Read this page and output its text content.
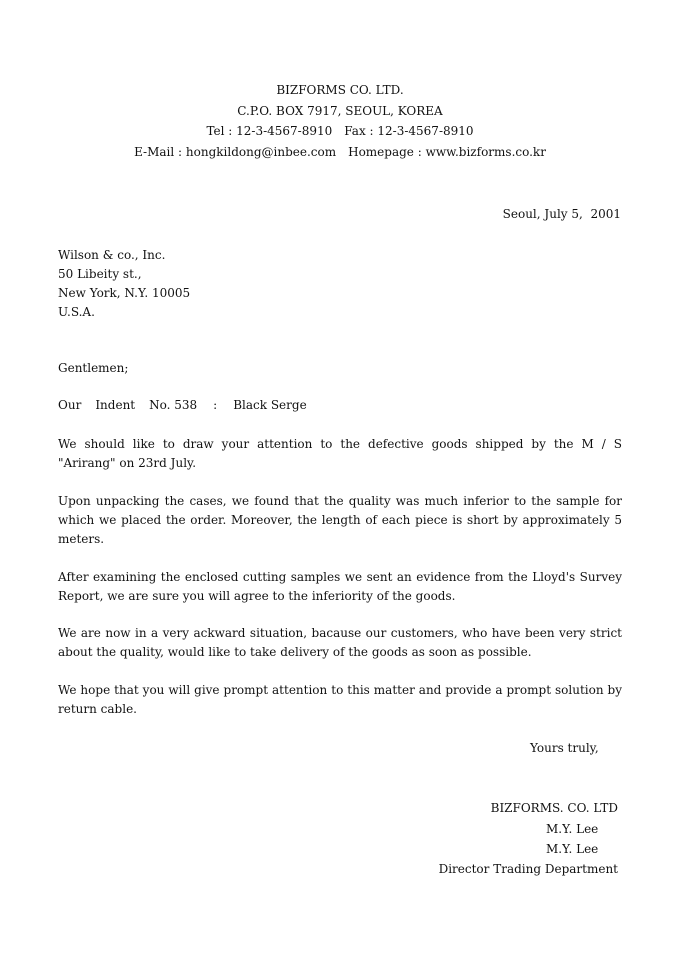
BIZFORMS CO. LTD.
C.P.O. BOX 7917, SEOUL, KOREA
Tel : 12-3-4567-8910 Fax : 12-3-4567-8910
E-Mail : hongkildong@inbee.com Homepage : www.bizforms.co.kr
Seoul, July 5,  2001
Wilson & co., Inc.
50 Libeity st.,
New York, N.Y. 10005
U.S.A.
Gentlemen;
Our Indent No. 538 : Black Serge
We should like to draw your attention to the defective goods shipped by the M / S
"Arirang" on 23rd July.
Upon unpacking the cases, we found that the quality was much inferior to the sample for
which we placed the order. Moreover, the length of each piece is short by approximately 5
meters.
After examining the enclosed cutting samples we sent an evidence from the Lloyd's Survey
Report, we are sure you will agree to the inferiority of the goods.
We are now in a very ackward situation, bacause our customers, who have been very strict
about the quality, would like to take delivery of the goods as soon as possible.
We hope that you will give prompt attention to this matter and provide a prompt solution by
return cable.
Yours truly,
BIZFORMS. CO. LTD
M.Y. Lee
M.Y. Lee
Director Trading Department
